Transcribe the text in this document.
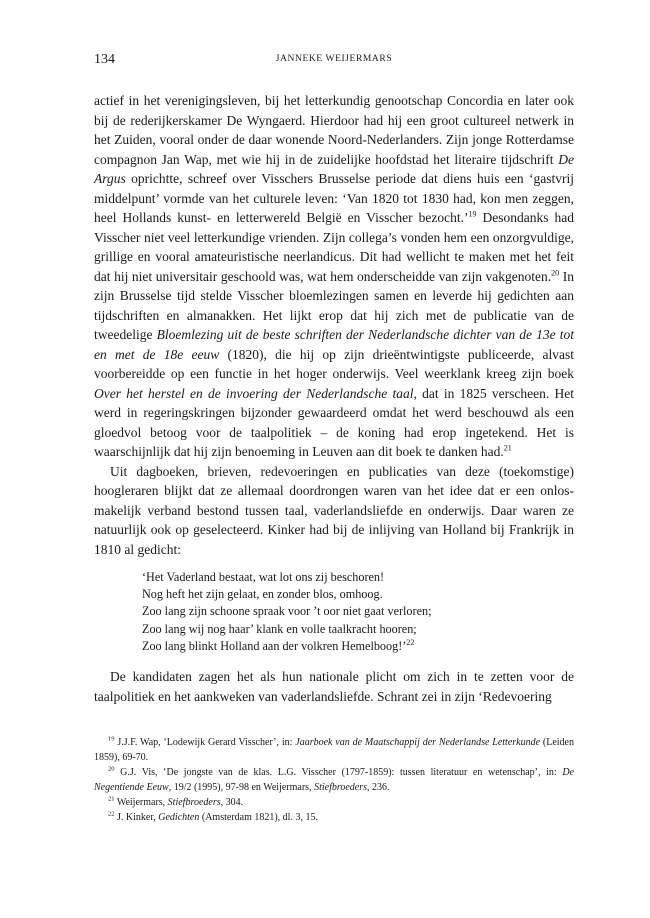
134	JANNEKE WEIJERMARS

actief in het verenigingsleven, bij het letterkundig genootschap Concordia en later ook bij de rederijkerskamer De Wyngaerd. Hierdoor had hij een groot cultureel netwerk in het Zuiden, vooral onder de daar wonende Noord-Nederlanders. Zijn jonge Rotterdamse compagnon Jan Wap, met wie hij in de zuidelijke hoofdstad het literaire tijdschrift De Argus oprichtte, schreef over Visschers Brusselse periode dat diens huis een ‘gastvrij middelpunt’ vormde van het culturele leven: ‘Van 1820 tot 1830 had, kon men zeggen, heel Hollands kunst- en letterwereld België en Visscher bezocht.’$^{19}$ Desondanks had Visscher niet veel letterkundige vrienden. Zijn collega’s vonden hem een onzorgvuldige, grillige en vooral amateuristische neerlandicus. Dit had wellicht te maken met het feit dat hij niet universitair geschoold was, wat hem onderscheidde van zijn vakgenoten.$^{20}$ In zijn Brusselse tijd stelde Visscher bloemlezingen samen en leverde hij gedichten aan tijdschriften en almanakken. Het lijkt erop dat hij zich met de publicatie van de tweedelige Bloemlezing uit de beste schriften der Nederlandsche dichter van de 13e tot en met de 18e eeuw (1820), die hij op zijn drieëntwintigste publiceerde, alvast voorbereidde op een functie in het hoger onderwijs. Veel weerklank kreeg zijn boek Over het herstel en de invoering der Nederlandsche taal, dat in 1825 verscheen. Het werd in regeringskringen bijzonder gewaardeerd omdat het werd beschouwd als een gloedvol betoog voor de taalpolitiek – de koning had erop ingetekend. Het is waarschijnlijk dat hij zijn benoeming in Leuven aan dit boek te danken had.$^{21}$

Uit dagboeken, brieven, redevoeringen en publicaties van deze (toekomstige) hoogleraren blijkt dat ze allemaal doordrongen waren van het idee dat er een onlosmakelijk verband bestond tussen taal, vaderlandsliefde en onderwijs. Daar waren ze natuurlijk ook op geselecteerd. Kinker had bij de inlijving van Holland bij Frankrijk in 1810 al gedicht:

‘Het Vaderland bestaat, wat lot ons zij beschoren!
Nog heft het zijn gelaat, en zonder blos, omhoog.
Zoo lang zijn schoone spraak voor ’t oor niet gaat verloren;
Zoo lang wij nog haar’ klank en volle taalkracht hooren;
Zoo lang blinkt Holland aan der volkren Hemelboog!’$^{22}$

De kandidaten zagen het als hun nationale plicht om zich in te zetten voor de taalpolitiek en het aankweken van vaderlandsliefde. Schrant zei in zijn ‘Redevoering

$^{19}$ J.J.F. Wap, ‘Lodewijk Gerard Visscher’, in: Jaarboek van de Maatschappij der Nederlandse Letterkunde (Leiden 1859), 69-70.
$^{20}$ G.J. Vis, ‘De jongste van de klas. L.G. Visscher (1797-1859): tussen literatuur en wetenschap’, in: De Negentiende Eeuw, 19/2 (1995), 97-98 en Weijermars, Stiefbroeders, 236.
$^{21}$ Weijermars, Stiefbroeders, 304.
$^{22}$ J. Kinker, Gedichten (Amsterdam 1821), dl. 3, 15.
